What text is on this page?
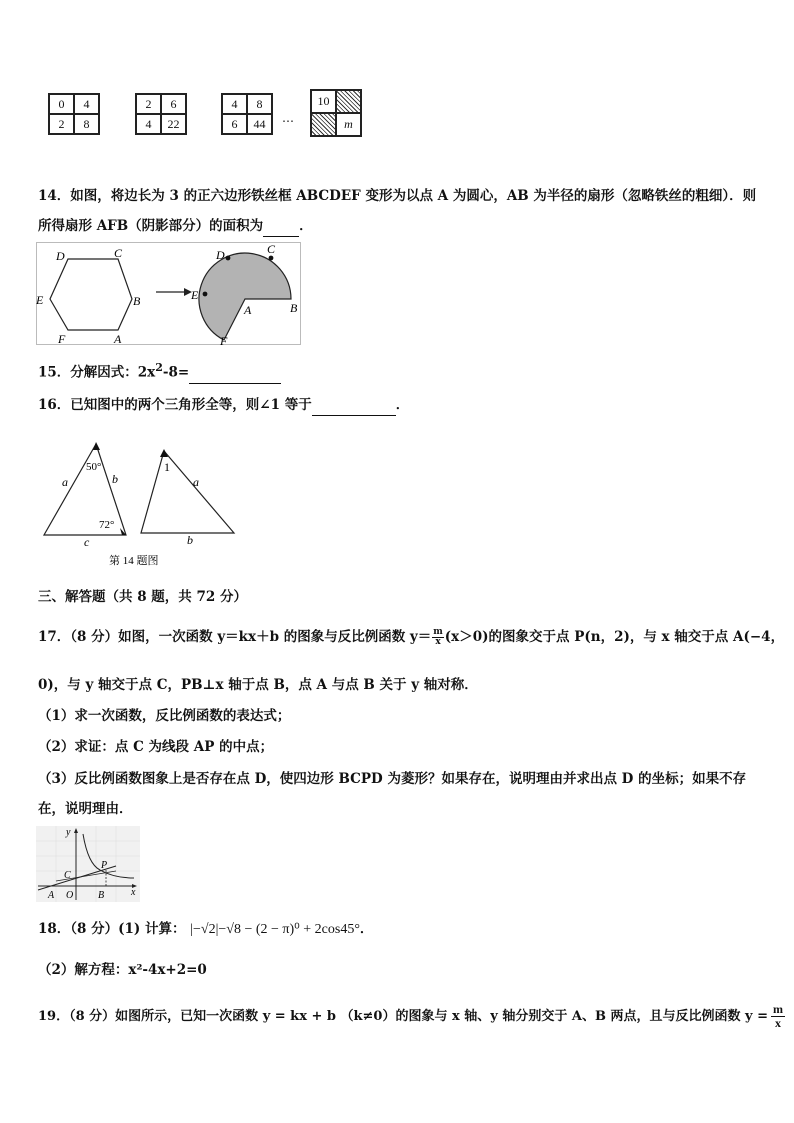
0	4
2	8
2	6
4	22
4	8
6	44	…
10
m
14．如图，将边长为 3 的正六边形铁丝框 ABCDEF 变形为以点 A 为圆心，AB 为半径的扇形（忽略铁丝的粗细）．则
所得扇形 AFB（阴影部分）的面积为	．
D	C
E	B
F	A
D	C
E
A	B
F
15．分解因式：$2x^2-8=$
16．已知图中的两个三角形全等，则∠1 等于	．
50°
72°
a	b
c
1
a
b
第 14 题图
三、解答题（共 8 题，共 72 分）
17．（8 分）如图，一次函数 y＝kx＋b 的图象与反比例函数 $y= \frac{m}{x} (x>0)$的图象交于点 P(n，2)，与 x 轴交于点 A(−4，
0)，与 y 轴交于点 C，PB⊥x 轴于点 B，点 A 与点 B 关于 y 轴对称．
（1）求一次函数，反比例函数的表达式；
（2）求证：点 C 为线段 AP 的中点；
（3）反比例函数图象上是否存在点 D，使四边形 BCPD 为菱形？如果存在，说明理由并求出点 D 的坐标；如果不存
在，说明理由．
y
x
C
P
A O B
18．（8 分）(1) 计算： |−√2|−√8 − (2 − π)⁰ + 2cos45°．
（2）解方程：x²-4x+2=0
19．（8 分）如图所示，已知一次函数 y = kx + b （k≠0）的图象与 x 轴、y 轴分别交于 A、B 两点，且与反比例函数 $y = \frac{m}{x}$
